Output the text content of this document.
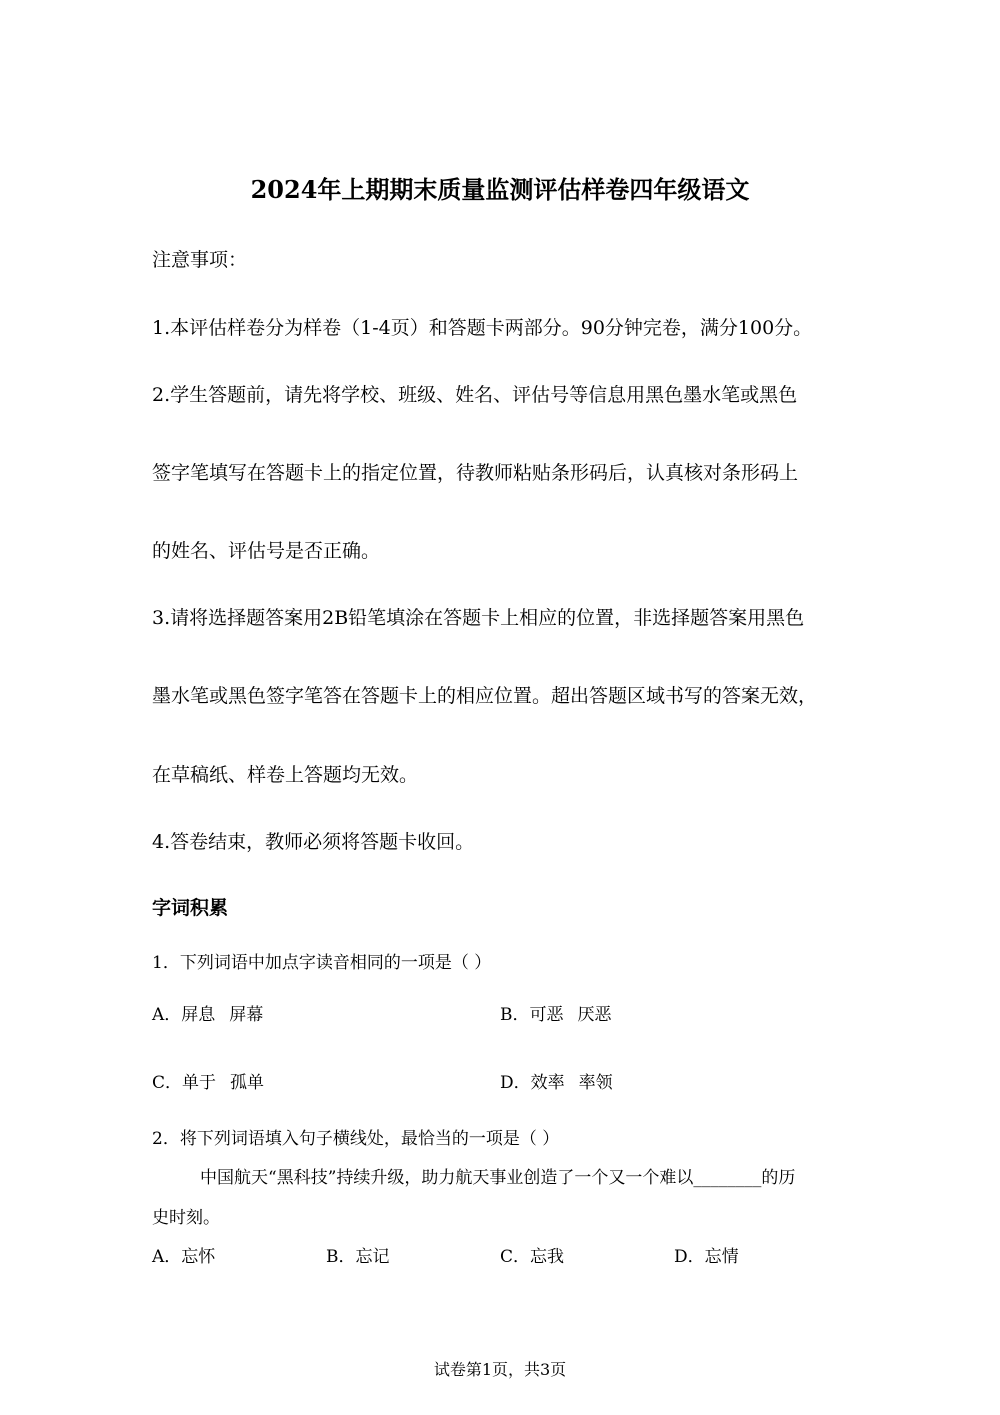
2024年上期期末质量监测评估样卷四年级语文
注意事项：
1.本评估样卷分为样卷（1-4页）和答题卡两部分。90分钟完卷，满分100分。
2.学生答题前，请先将学校、班级、姓名、评估号等信息用黑色墨水笔或黑色
签字笔填写在答题卡上的指定位置，待教师粘贴条形码后，认真核对条形码上
的姓名、评估号是否正确。
3.请将选择题答案用2B铅笔填涂在答题卡上相应的位置，非选择题答案用黑色
墨水笔或黑色签字笔答在答题卡上的相应位置。超出答题区域书写的答案无效，
在草稿纸、样卷上答题均无效。
4.答卷结束，教师必须将答题卡收回。
字词积累
1．下列词语中加点字读音相同的一项是（ ）
A．屏息 屏幕	B．可恶 厌恶
C．单于 孤单	D．效率 率领
2．将下列词语填入句子横线处，最恰当的一项是（ ）
中国航天“黑科技”持续升级，助力航天事业创造了一个又一个难以________的历
史时刻。
A．忘怀	B．忘记	C．忘我	D．忘情
试卷第1页，共3页
